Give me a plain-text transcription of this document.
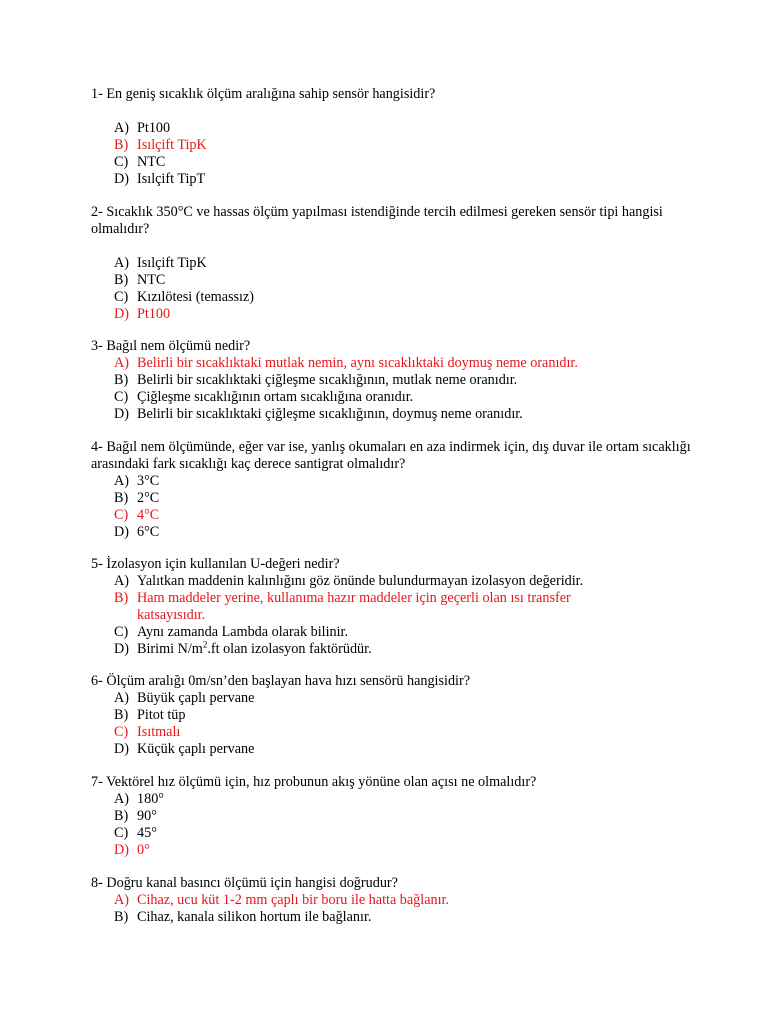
1- En geniş sıcaklık ölçüm aralığına sahip sensör hangisidir?

A) Pt100
B) Isılçift TipK
C) NTC
D) Isılçift TipT

2- Sıcaklık 350°C ve hassas ölçüm yapılması istendiğinde tercih edilmesi gereken sensör tipi hangisi olmalıdır?

A) Isılçift TipK
B) NTC
C) Kızılötesi (temassız)
D) Pt100

3- Bağıl nem ölçümü nedir?

A) Belirli bir sıcaklıktaki mutlak nemin, aynı sıcaklıktaki doymuş neme oranıdır.
B) Belirli bir sıcaklıktaki çiğleşme sıcaklığının, mutlak neme oranıdır.
C) Çiğleşme sıcaklığının ortam sıcaklığına oranıdır.
D) Belirli bir sıcaklıktaki çiğleşme sıcaklığının, doymuş neme oranıdır.

4- Bağıl nem ölçümünde, eğer var ise, yanlış okumaları en aza indirmek için, dış duvar ile ortam sıcaklığı arasındaki fark sıcaklığı kaç derece santigrat olmalıdır?

A) 3°C
B) 2°C
C) 4°C
D) 6°C

5- İzolasyon için kullanılan U-değeri nedir?

A) Yalıtkan maddenin kalınlığını göz önünde bulundurmayan izolasyon değeridir.
B) Ham maddeler yerine, kullanıma hazır maddeler için geçerli olan ısı transfer katsayısıdır.
C) Aynı zamanda Lambda olarak bilinir.
D) Birimi $N/m^2.ft$ olan izolasyon faktörüdür.

6- Ölçüm aralığı 0m/sn’den başlayan hava hızı sensörü hangisidir?

A) Büyük çaplı pervane
B) Pitot tüp
C) Isıtmalı
D) Küçük çaplı pervane

7- Vektörel hız ölçümü için, hız probunun akış yönüne olan açısı ne olmalıdır?

A) 180°
B) 90°
C) 45°
D) 0°

8- Doğru kanal basıncı ölçümü için hangisi doğrudur?

A) Cihaz, ucu küt 1-2 mm çaplı bir boru ile hatta bağlanır.
B) Cihaz, kanala silikon hortum ile bağlanır.
